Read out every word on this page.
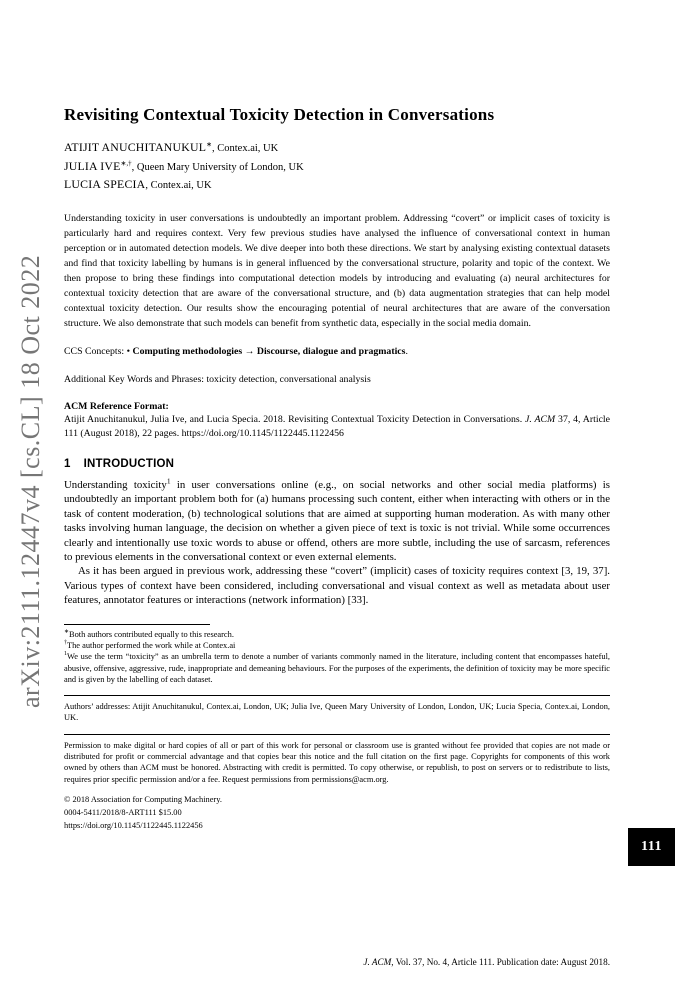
arXiv:2111.12447v4 [cs.CL] 18 Oct 2022
111
Revisiting Contextual Toxicity Detection in Conversations
ATIJIT ANUCHITANUKUL∗, Contex.ai, UK
JULIA IVE∗,†, Queen Mary University of London, UK
LUCIA SPECIA, Contex.ai, UK

Understanding toxicity in user conversations is undoubtedly an important problem. Addressing “covert” or implicit cases of toxicity is particularly hard and requires context. Very few previous studies have analysed the influence of conversational context in human perception or in automated detection models. We dive deeper into both these directions. We start by analysing existing contextual datasets and find that toxicity labelling by humans is in general influenced by the conversational structure, polarity and topic of the context. We then propose to bring these findings into computational detection models by introducing and evaluating (a) neural architectures for contextual toxicity detection that are aware of the conversational structure, and (b) data augmentation strategies that can help model contextual toxicity detection. Our results show the encouraging potential of neural architectures that are aware of the conversation structure. We also demonstrate that such models can benefit from synthetic data, especially in the social media domain.

CCS Concepts: • Computing methodologies → Discourse, dialogue and pragmatics.

Additional Key Words and Phrases: toxicity detection, conversational analysis

ACM Reference Format:
Atijit Anuchitanukul, Julia Ive, and Lucia Specia. 2018. Revisiting Contextual Toxicity Detection in Conversations. J. ACM 37, 4, Article 111 (August 2018), 22 pages. https://doi.org/10.1145/1122445.1122456
1 INTRODUCTION

Understanding toxicity$^1$ in user conversations online (e.g., on social networks and other social media platforms) is undoubtedly an important problem both for (a) humans processing such content, either when interacting with others or in the task of content moderation, (b) technological solutions that are aimed at supporting human moderation. As with many other tasks involving human language, the decision on whether a given piece of text is toxic is not trivial. While some occurrences clearly and intentionally use toxic words to abuse or offend, others are more subtle, including the use of sarcasm, references to previous elements in the conversational context or even external elements.

As it has been argued in previous work, addressing these “covert” (implicit) cases of toxicity requires context [3, 19, 37]. Various types of context have been considered, including conversational and visual context as well as metadata about user features, annotator features or interactions (network information) [33].

∗Both authors contributed equally to this research.

†The author performed the work while at Contex.ai

$^1$We use the term “toxicity” as an umbrella term to denote a number of variants commonly named in the literature, including content that encompasses hateful, abusive, offensive, aggressive, rude, inappropriate and demeaning behaviours. For the purposes of the experiments, the definition of toxicity may be more specific and is given by the labelling of each dataset.

Authors’ addresses: Atijit Anuchitanukul, Contex.ai, London, UK; Julia Ive, Queen Mary University of London, London, UK; Lucia Specia, Contex.ai, London, UK.

Permission to make digital or hard copies of all or part of this work for personal or classroom use is granted without fee provided that copies are not made or distributed for profit or commercial advantage and that copies bear this notice and the full citation on the first page. Copyrights for components of this work owned by others than ACM must be honored. Abstracting with credit is permitted. To copy otherwise, or republish, to post on servers or to redistribute to lists, requires prior specific permission and/or a fee. Request permissions from permissions@acm.org.

© 2018 Association for Computing Machinery.
0004-5411/2018/8-ART111 $15.00
https://doi.org/10.1145/1122445.1122456
J. ACM, Vol. 37, No. 4, Article 111. Publication date: August 2018.
